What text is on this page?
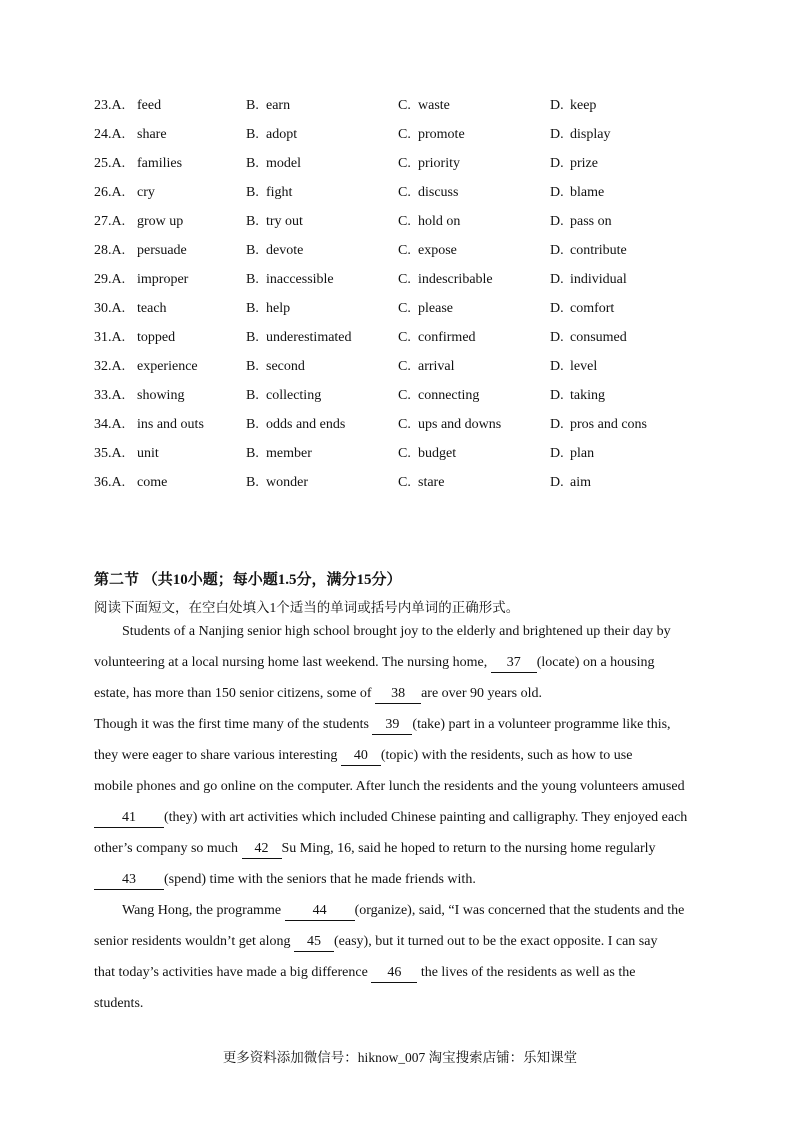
23.A. feed	B. earn	C. waste	D. keep
24.A. share	B. adopt	C. promote	D. display
25.A. families	B. model	C. priority	D. prize
26.A. cry	B. fight	C. discuss	D. blame
27.A. grow up	B. try out	C. hold on	D. pass on
28.A. persuade	B. devote	C. expose	D. contribute
29.A. improper	B. inaccessible	C. indescribable	D. individual
30.A. teach	B. help	C. please	D. comfort
31.A. topped	B. underestimated	C. confirmed	D. consumed
32.A. experience	B. second	C. arrival	D. level
33.A. showing	B. collecting	C. connecting	D. taking
34.A. ins and outs	B. odds and ends	C. ups and downs	D. pros and cons
35.A. unit	B. member	C. budget	D. plan
36.A. come	B. wonder	C. stare	D. aim
第二节 （共10小题；每小题1.5分，满分15分）
阅读下面短文，在空白处填入1个适当的单词或括号内单词的正确形式。
Students of a Nanjing senior high school brought joy to the elderly and brightened up their day by
volunteering at a local nursing home last weekend. The nursing home, 37 (locate) on a housing
estate, has more than 150 senior citizens, some of 38 are over 90 years old.
Though it was the first time many of the students 39 (take) part in a volunteer programme like this,
they were eager to share various interesting 40 (topic) with the residents, such as how to use
mobile phones and go online on the computer. After lunch the residents and the young volunteers amused
41 (they) with art activities which included Chinese painting and calligraphy. They enjoyed each
other’s company so much 42 Su Ming, 16, said he hoped to return to the nursing home regularly
43 (spend) time with the seniors that he made friends with.
Wang Hong, the programme 44 (organize), said, “I was concerned that the students and the
senior residents wouldn’t get along 45 (easy), but it turned out to be the exact opposite. I can say
that today’s activities have made a big difference 46 the lives of the residents as well as the
students.
更多资料添加微信号：hiknow_007 淘宝搜索店铺：乐知课堂
